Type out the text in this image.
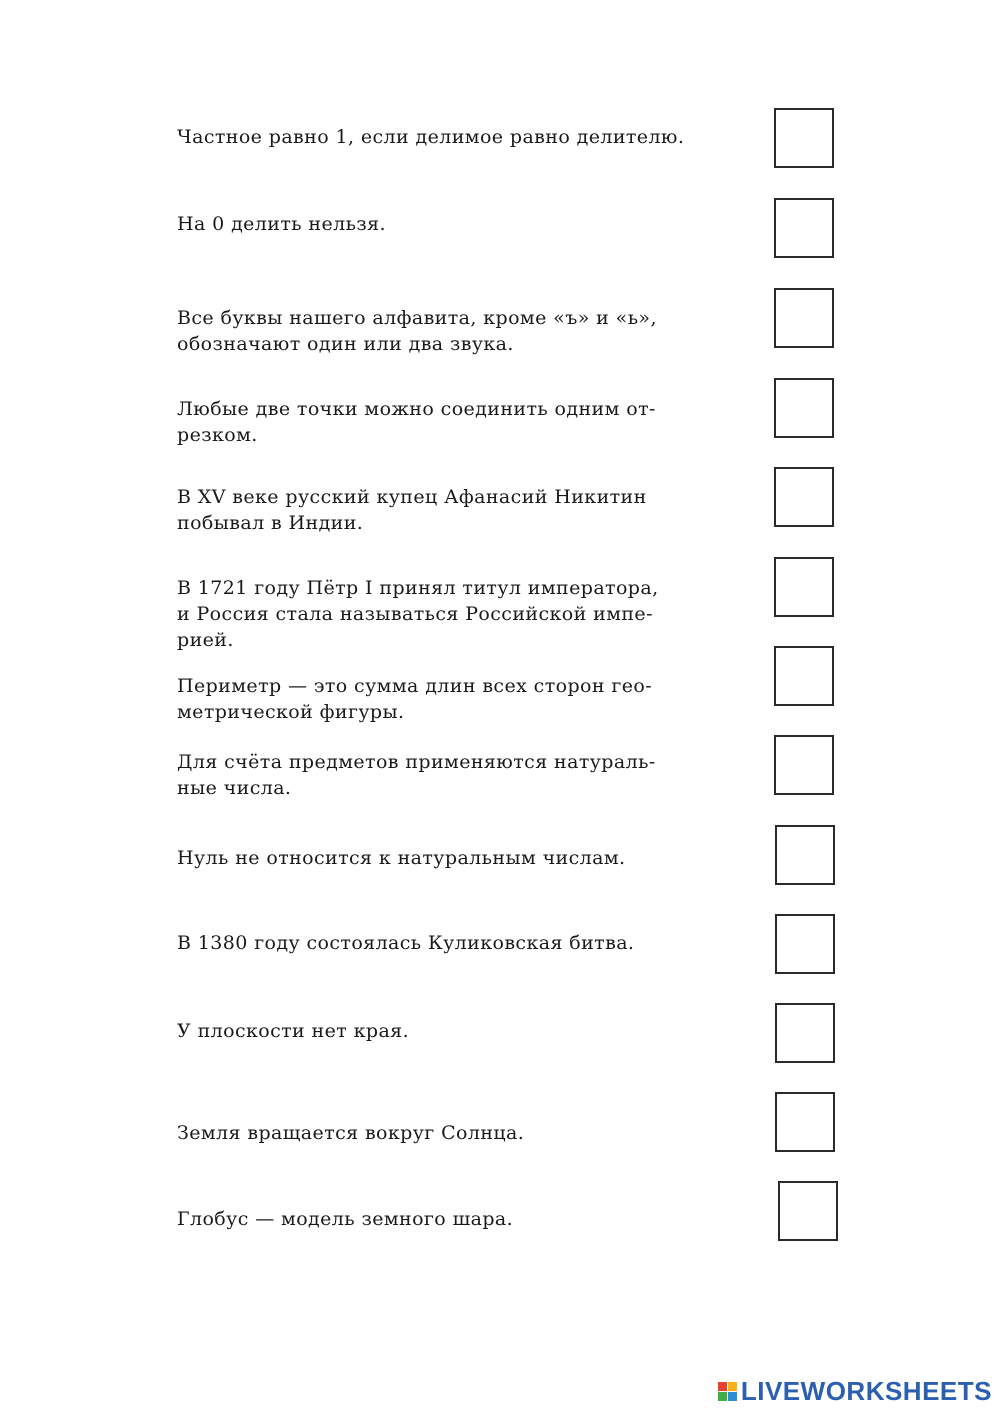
Частное равно 1, если делимое равно делителю.
На 0 делить нельзя.
Все буквы нашего алфавита, кроме «ъ» и «ь»,
обозначают один или два звука.
Любые две точки можно соединить одним от-
резком.
В XV веке русский купец Афанасий Никитин
побывал в Индии.
В 1721 году Пётр I принял титул императора,
и Россия стала называться Российской импе-
рией.
Периметр — это сумма длин всех сторон гео-
метрической фигуры.
Для счёта предметов применяются натураль-
ные числа.
Нуль не относится к натуральным числам.
В 1380 году состоялась Куликовская битва.
У плоскости нет края.
Земля вращается вокруг Солнца.
Глобус — модель земного шара.
LIVEWORKSHEETS
